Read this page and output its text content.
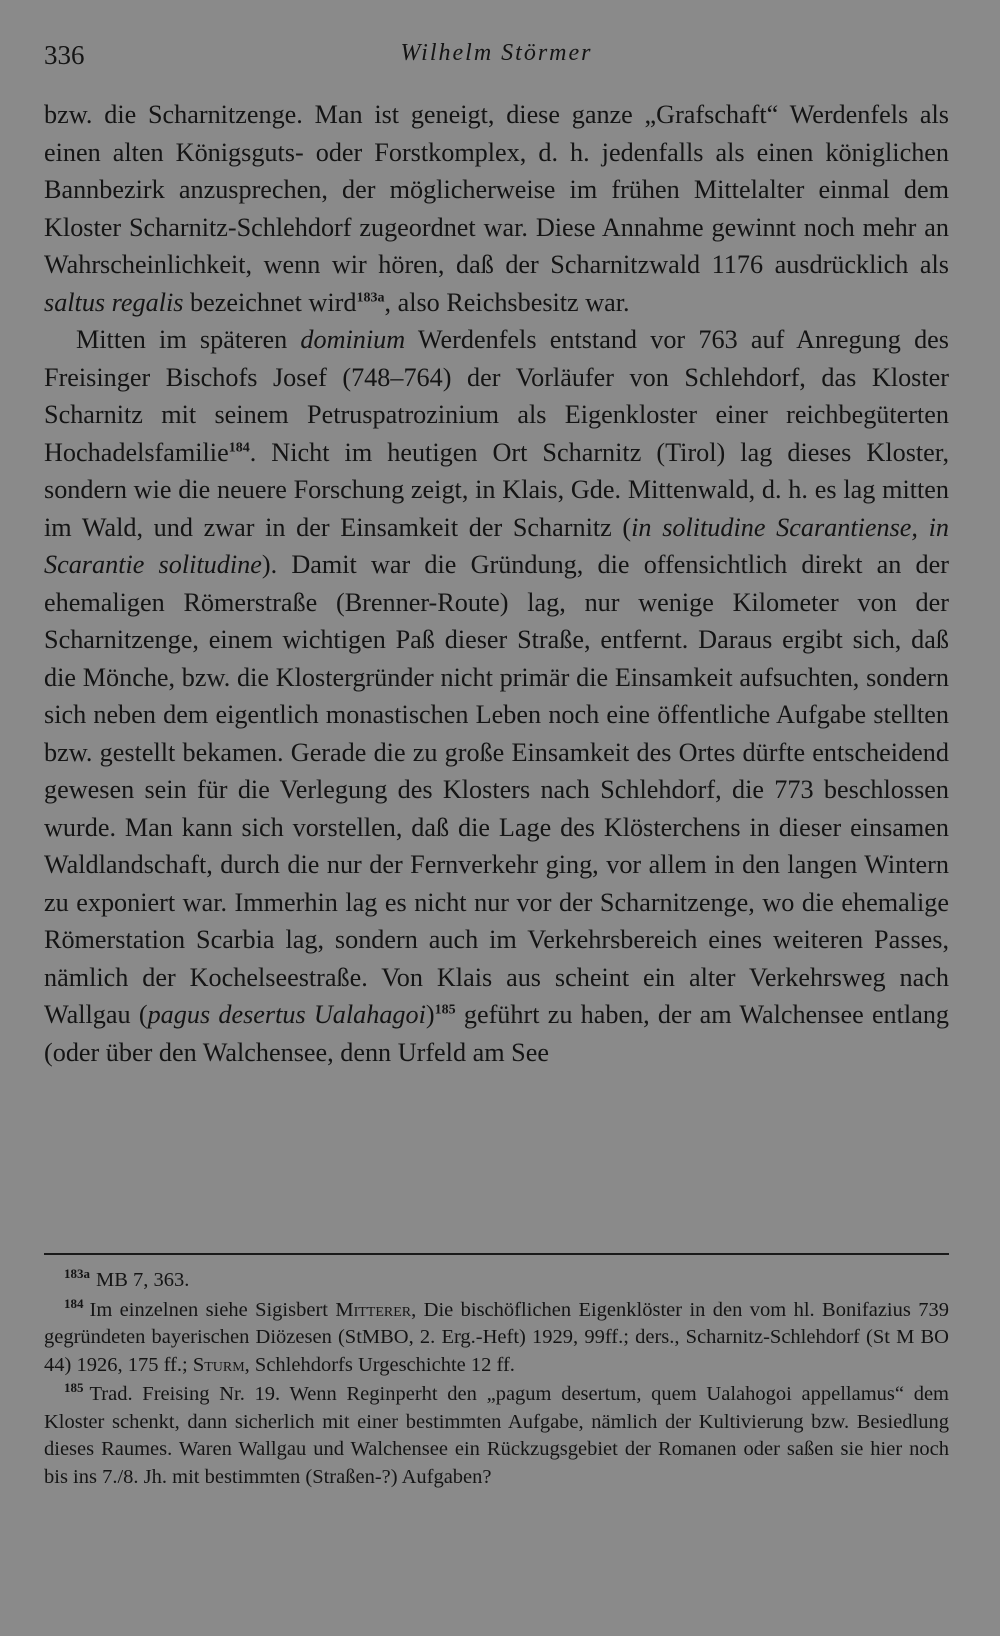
336	Wilhelm Störmer

bzw. die Scharnitzenge. Man ist geneigt, diese ganze „Grafschaft“ Werdenfels als einen alten Königsguts- oder Forstkomplex, d. h. jedenfalls als einen königlichen Bannbezirk anzusprechen, der möglicherweise im frühen Mittelalter einmal dem Kloster Scharnitz-Schlehdorf zugeordnet war. Diese Annahme gewinnt noch mehr an Wahrscheinlichkeit, wenn wir hören, daß der Scharnitzwald 1176 ausdrücklich als saltus regalis bezeichnet wird$^{183a}$, also Reichsbesitz war.

Mitten im späteren dominium Werdenfels entstand vor 763 auf Anregung des Freisinger Bischofs Josef (748–764) der Vorläufer von Schlehdorf, das Kloster Scharnitz mit seinem Petruspatrozinium als Eigenkloster einer reichbegüterten Hochadelsfamilie$^{184}$. Nicht im heutigen Ort Scharnitz (Tirol) lag dieses Kloster, sondern wie die neuere Forschung zeigt, in Klais, Gde. Mittenwald, d. h. es lag mitten im Wald, und zwar in der Einsamkeit der Scharnitz (in solitudine Scarantiense, in Scarantie solitudine). Damit war die Gründung, die offensichtlich direkt an der ehemaligen Römerstraße (Brenner-Route) lag, nur wenige Kilometer von der Scharnitzenge, einem wichtigen Paß dieser Straße, entfernt. Daraus ergibt sich, daß die Mönche, bzw. die Klostergründer nicht primär die Einsamkeit aufsuchten, sondern sich neben dem eigentlich monastischen Leben noch eine öffentliche Aufgabe stellten bzw. gestellt bekamen. Gerade die zu große Einsamkeit des Ortes dürfte entscheidend gewesen sein für die Verlegung des Klosters nach Schlehdorf, die 773 beschlossen wurde. Man kann sich vorstellen, daß die Lage des Klösterchens in dieser einsamen Waldlandschaft, durch die nur der Fernverkehr ging, vor allem in den langen Wintern zu exponiert war. Immerhin lag es nicht nur vor der Scharnitzenge, wo die ehemalige Römerstation Scarbia lag, sondern auch im Verkehrsbereich eines weiteren Passes, nämlich der Kochelseestraße. Von Klais aus scheint ein alter Verkehrsweg nach Wallgau (pagus desertus Ualahagoi)$^{185}$ geführt zu haben, der am Walchensee entlang (oder über den Walchensee, denn Urfeld am See

$^{183a}$ MB 7, 363.

$^{184}$ Im einzelnen siehe Sigisbert Mitterer, Die bischöflichen Eigenklöster in den vom hl. Bonifazius 739 gegründeten bayerischen Diözesen (StMBO, 2. Erg.-Heft) 1929, 99ff.; ders., Scharnitz-Schlehdorf (St M BO 44) 1926, 175 ff.; Sturm, Schlehdorfs Urgeschichte 12 ff.

$^{185}$ Trad. Freising Nr. 19. Wenn Reginperht den „pagum desertum, quem Ualahogoi appellamus“ dem Kloster schenkt, dann sicherlich mit einer bestimmten Aufgabe, nämlich der Kultivierung bzw. Besiedlung dieses Raumes. Waren Wallgau und Walchensee ein Rückzugsgebiet der Romanen oder saßen sie hier noch bis ins 7./8. Jh. mit bestimmten (Straßen-?) Aufgaben?
